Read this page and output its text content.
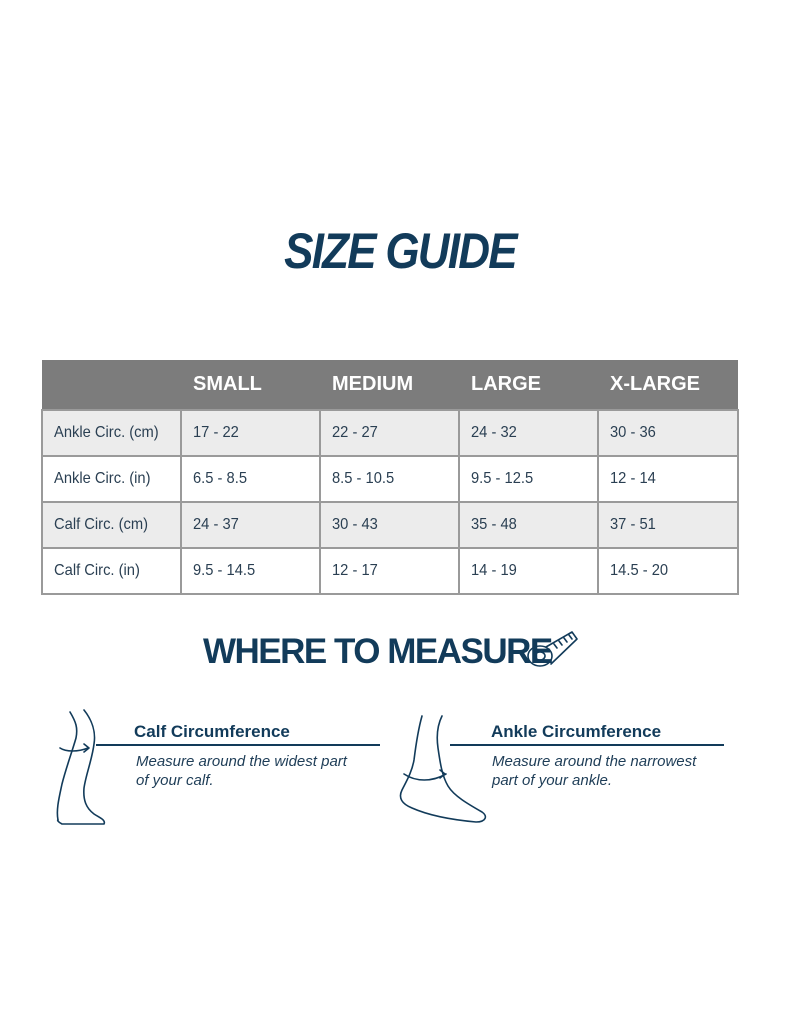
SIZE GUIDE
	SMALL	MEDIUM	LARGE	X-LARGE
Ankle Circ. (cm)	17 - 22	22 - 27	24 - 32	30 - 36
Ankle Circ. (in)	6.5 - 8.5	8.5 - 10.5	9.5 - 12.5	12 - 14
Calf Circ. (cm)	24 - 37	30 - 43	35 - 48	37 - 51
Calf Circ. (in)	9.5 - 14.5	12 - 17	14 - 19	14.5 - 20
WHERE TO MEASURE
Calf Circumference
Measure around the widest part
of your calf.
Ankle Circumference
Measure around the narrowest
part of your ankle.
